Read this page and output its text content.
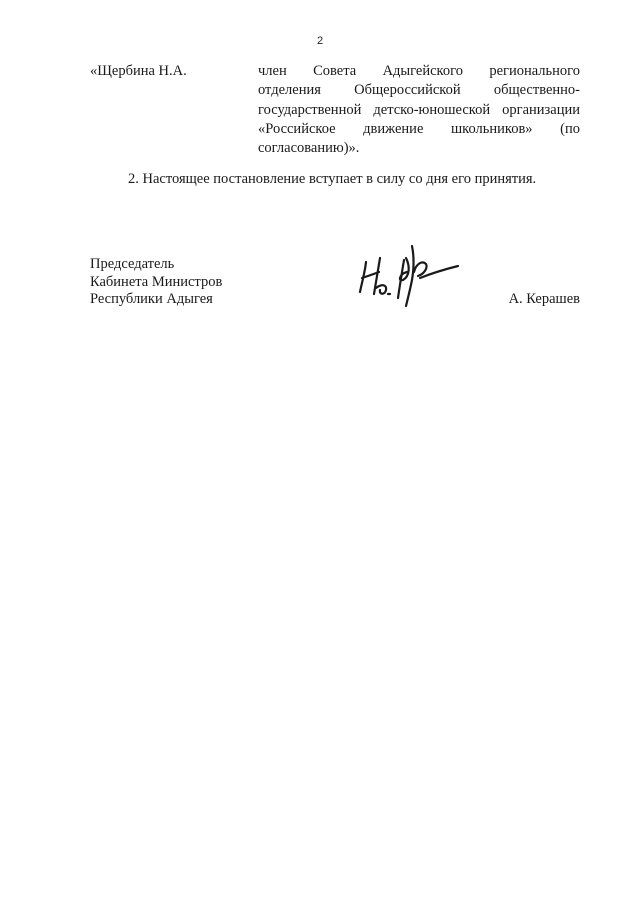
2
«Щербина Н.А.	член Совета Адыгейского регионального
отделения Общероссийской общественно-
государственной детско-юношеской организации
«Российское движение школьников» (по
согласованию)».
2. Настоящее постановление вступает в силу со дня его принятия.
Председатель
Кабинета Министров
Республики Адыгея	А. Керашев
